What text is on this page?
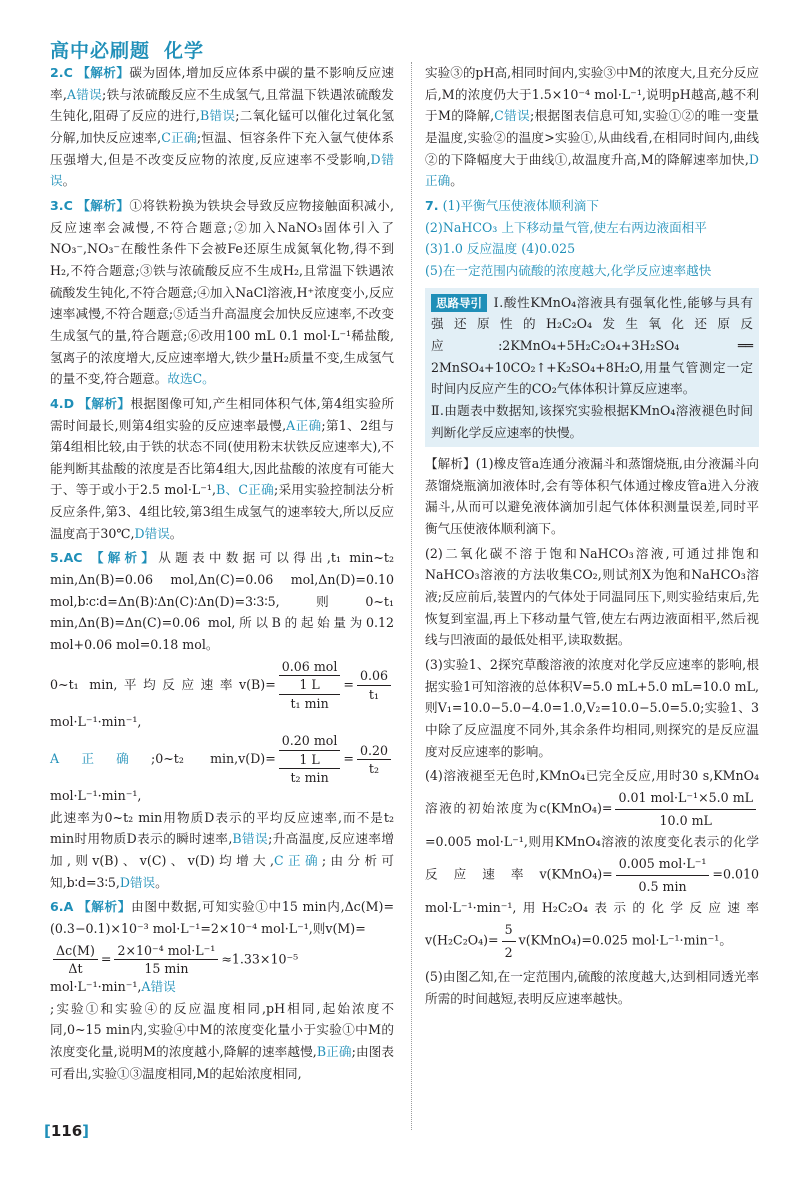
高中必刷题 化学
2.C 【解析】碳为固体,增加反应体系中碳的量不影响反应速率,A错误;铁与浓硫酸反应不生成氢气,且常温下铁遇浓硫酸发生钝化,阻碍了反应的进行,B错误;二氧化锰可以催化过氧化氢分解,加快反应速率,C正确;恒温、恒容条件下充入氩气使体系压强增大,但是不改变反应物的浓度,反应速率不受影响,D错误。
3.C 【解析】①将铁粉换为铁块会导致反应物接触面积减小,反应速率会减慢,不符合题意;②加入NaNO₃固体引入了NO₃⁻,NO₃⁻在酸性条件下会被Fe还原生成氮氧化物,得不到H₂,不符合题意;③铁与浓硫酸反应不生成H₂,且常温下铁遇浓硫酸发生钝化,不符合题意;④加入NaCl溶液,H⁺浓度变小,反应速率减慢,不符合题意;⑤适当升高温度会加快反应速率,不改变生成氢气的量,符合题意;⑥改用100 mL 0.1 mol·L⁻¹稀盐酸,氢离子的浓度增大,反应速率增大,铁少量H₂质量不变,生成氢气的量不变,符合题意。故选C。
4.D 【解析】根据图像可知,产生相同体积气体,第4组实验所需时间最长,则第4组实验的反应速率最慢,A正确;第1、2组与第4组相比较,由于铁的状态不同(使用粉末状铁反应速率大),不能判断其盐酸的浓度是否比第4组大,因此盐酸的浓度有可能大于、等于或小于2.5 mol·L⁻¹,B、C正确;采用实验控制法分析反应条件,第3、4组比较,第3组生成氢气的速率较大,所以反应温度高于30℃,D错误。
5.AC 【解析】从题表中数据可以得出,t₁ min~t₂ min,Δn(B)=0.06 mol,Δn(C)=0.06 mol,Δn(D)=0.10 mol,b∶c∶d=Δn(B)∶Δn(C)∶Δn(D)=3∶3∶5,则0~t₁ min,Δn(B)=Δn(C)=0.06 mol,所以B的起始量为0.12 mol+0.06 mol=0.18 mol。
0~t₁ min,平均反应速率v(B)=
0.06 mol
1 L
t₁ min
= $\frac{0.06}{\text{t₁}}$
mol·L⁻¹·min⁻¹,
A正确;0~t₂ min,v(D)=
0.20 mol
1 L
t₂ min
= $\frac{0.20}{\text{t₂}}$
mol·L⁻¹·min⁻¹,
此速率为0~t₂ min用物质D表示的平均反应速率,而不是t₂ min时用物质D表示的瞬时速率,B错误;升高温度,反应速率增加,则v(B)、v(C)、v(D)均增大,C正确;由分析可知,b∶d=3∶5,D错误。
6.A 【解析】由图中数据,可知实验①中15 min内,Δc(M)=(0.3−0.1)×10⁻³ mol·L⁻¹=2×10⁻⁴ mol·L⁻¹,则v(M)=
$\frac{\Delta c(M)}{\Delta t} = \frac{\text{2×10⁻⁴ mol·L⁻¹}}{15 \min} \approx 1.33\times 10^{-5}$ mol·L⁻¹·min⁻¹,A错误
;实验①和实验④的反应温度相同,pH相同,起始浓度不同,0~15 min内,实验④中M的浓度变化量小于实验①中M的浓度变化量,说明M的浓度越小,降解的速率越慢,B正确;由图表可看出,实验①③温度相同,M的起始浓度相同,
实验③的pH高,相同时间内,实验③中M的浓度大,且充分反应后,M的浓度仍大于1.5×10⁻⁴ mol·L⁻¹,说明pH越高,越不利于M的降解,C错误;根据图表信息可知,实验①②的唯一变量是温度,实验②的温度>实验①,从曲线看,在相同时间内,曲线②的下降幅度大于曲线①,故温度升高,M的降解速率加快,D正确。
7. (1)平衡气压使液体顺利滴下
(2)NaHCO₃ 上下移动量气管,使左右两边液面相平
(3)1.0 反应温度 (4)0.025
(5)在一定范围内硫酸的浓度越大,化学反应速率越快
思路导引 Ⅰ.酸性KMnO₄溶液具有强氧化性,能够与具有强还原性的H₂C₂O₄发生氧化还原反应:2KMnO₄+5H₂C₂O₄+3H₂SO₄ ══ 2MnSO₄+10CO₂↑+K₂SO₄+8H₂O,用量气管测定一定时间内反应产生的CO₂气体体积计算反应速率。
Ⅱ.由题表中数据知,该探究实验根据KMnO₄溶液褪色时间判断化学反应速率的快慢。
【解析】(1)橡皮管a连通分液漏斗和蒸馏烧瓶,由分液漏斗向蒸馏烧瓶滴加液体时,会有等体积气体通过橡皮管a进入分液漏斗,从而可以避免液体滴加引起气体体积测量误差,同时平衡气压使液体顺利滴下。
(2)二氧化碳不溶于饱和NaHCO₃溶液,可通过排饱和NaHCO₃溶液的方法收集CO₂,则试剂X为饱和NaHCO₃溶液;反应前后,装置内的气体处于同温同压下,则实验结束后,先恢复到室温,再上下移动量气管,使左右两边液面相平,然后视线与凹液面的最低处相平,读取数据。
(3)实验1、2探究草酸溶液的浓度对化学反应速率的影响,根据实验1可知溶液的总体积V=5.0 mL+5.0 mL=10.0 mL,则V₁=10.0−5.0−4.0=1.0,V₂=10.0−5.0=5.0;实验1、3中除了反应温度不同外,其余条件均相同,则探究的是反应温度对反应速率的影响。
(4)溶液褪至无色时,KMnO₄已完全反应,用时30 s,KMnO₄溶液的初始浓度为c(KMnO₄)= $\frac{\text{0.01 mol·L⁻¹×5.0 mL}}{10.0 mL}$
=0.005 mol·L⁻¹,则用KMnO₄溶液的浓度变化表示的化学反应速率v(KMnO₄)= $\frac{\text{0.005 mol·L⁻¹}}{0.5 \min} =0.010$ mol·L⁻¹·min⁻¹,用H₂C₂O₄表示的化学反应速率$v(H_2C_2O_4)= \frac{5}{2}$ v(KMnO₄)=0.025 mol·L⁻¹·min⁻¹。
(5)由图乙知,在一定范围内,硫酸的浓度越大,达到相同透光率所需的时间越短,表明反应速率越快。
[116]
